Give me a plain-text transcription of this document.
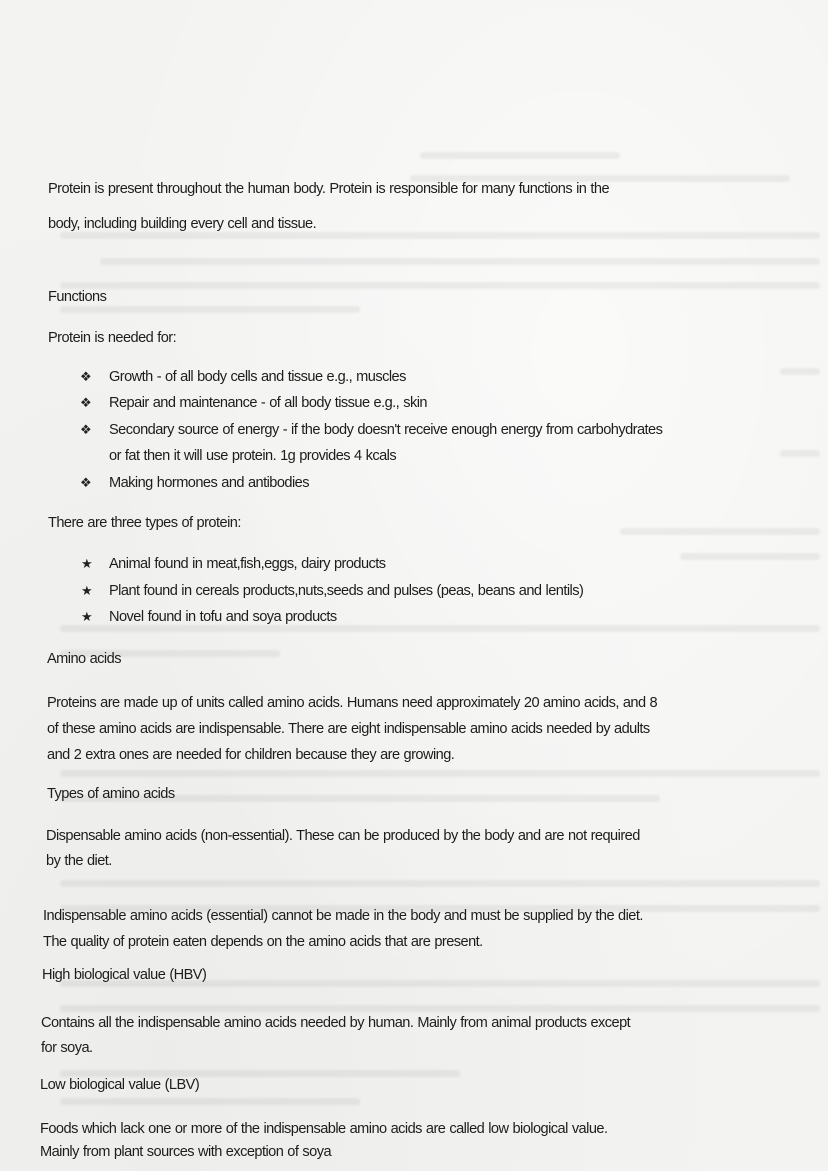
Protein is present throughout the human body. Protein is responsible for many functions in the
body, including building every cell and tissue.
Functions
Protein is needed for:
❖ Growth - of all body cells and tissue e.g., muscles
❖ Repair and maintenance - of all body tissue e.g., skin
❖ Secondary source of energy - if the body doesn't receive enough energy from carbohydrates
or fat then it will use protein. 1g provides 4 kcals
❖ Making hormones and antibodies
There are three types of protein:
★ Animal found in meat,fish,eggs, dairy products
★ Plant found in cereals products,nuts,seeds and pulses (peas, beans and lentils)
★ Novel found in tofu and soya products
Amino acids
Proteins are made up of units called amino acids. Humans need approximately 20 amino acids, and 8
of these amino acids are indispensable. There are eight indispensable amino acids needed by adults
and 2 extra ones are needed for children because they are growing.
Types of amino acids
Dispensable amino acids (non-essential). These can be produced by the body and are not required
by the diet.
Indispensable amino acids (essential) cannot be made in the body and must be supplied by the diet.
The quality of protein eaten depends on the amino acids that are present.
High biological value (HBV)
Contains all the indispensable amino acids needed by human. Mainly from animal products except
for soya.
Low biological value (LBV)
Foods which lack one or more of the indispensable amino acids are called low biological value.
Mainly from plant sources with exception of soya
